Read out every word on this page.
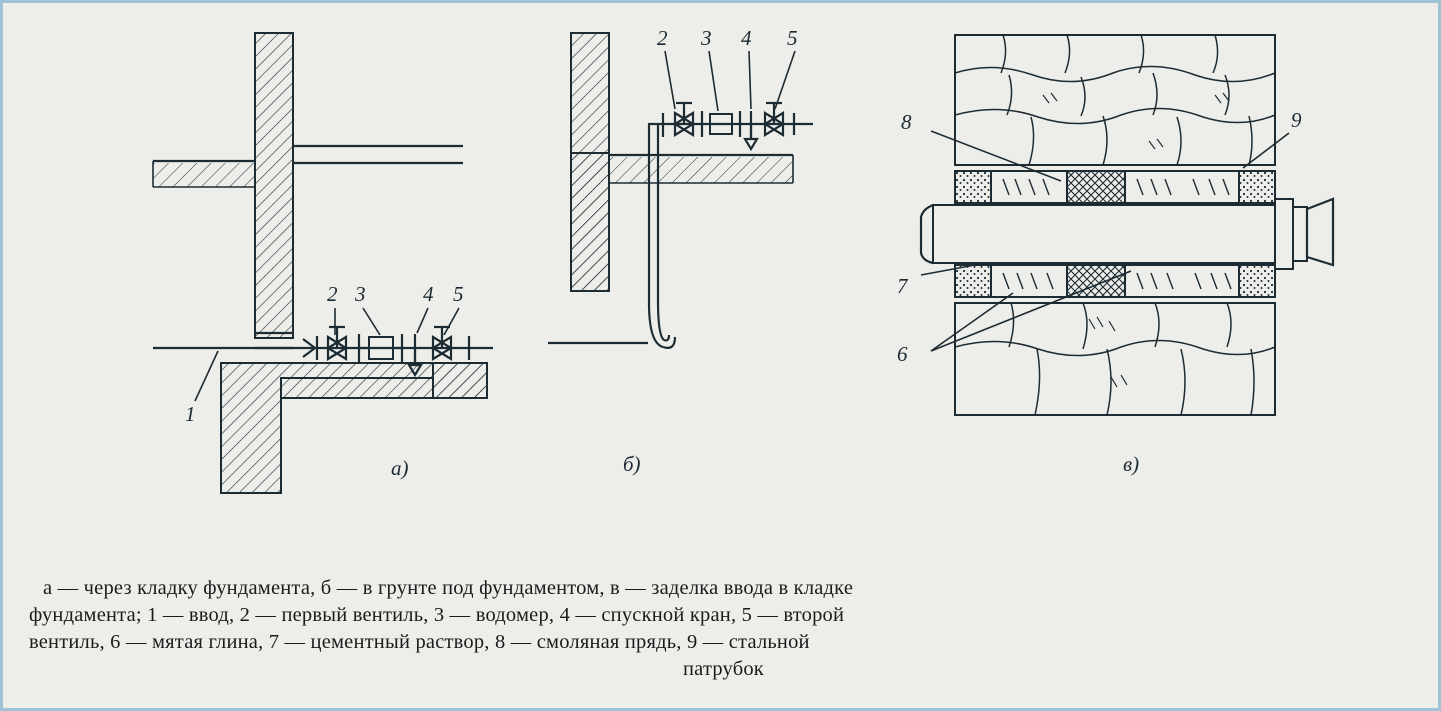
2 3	4 5
1
а)
2 3 4 5
б)
8	9
7
6
в)
а — через кладку фундамента, б — в грунте под фундаментом, в — заделка ввода в кладке
фундамента; 1 — ввод, 2 — первый вентиль, 3 — водомер, 4 — спускной кран, 5 — второй
вентиль, 6 — мятая глина, 7 — цементный раствор, 8 — смоляная прядь, 9 — стальной
патрубок
